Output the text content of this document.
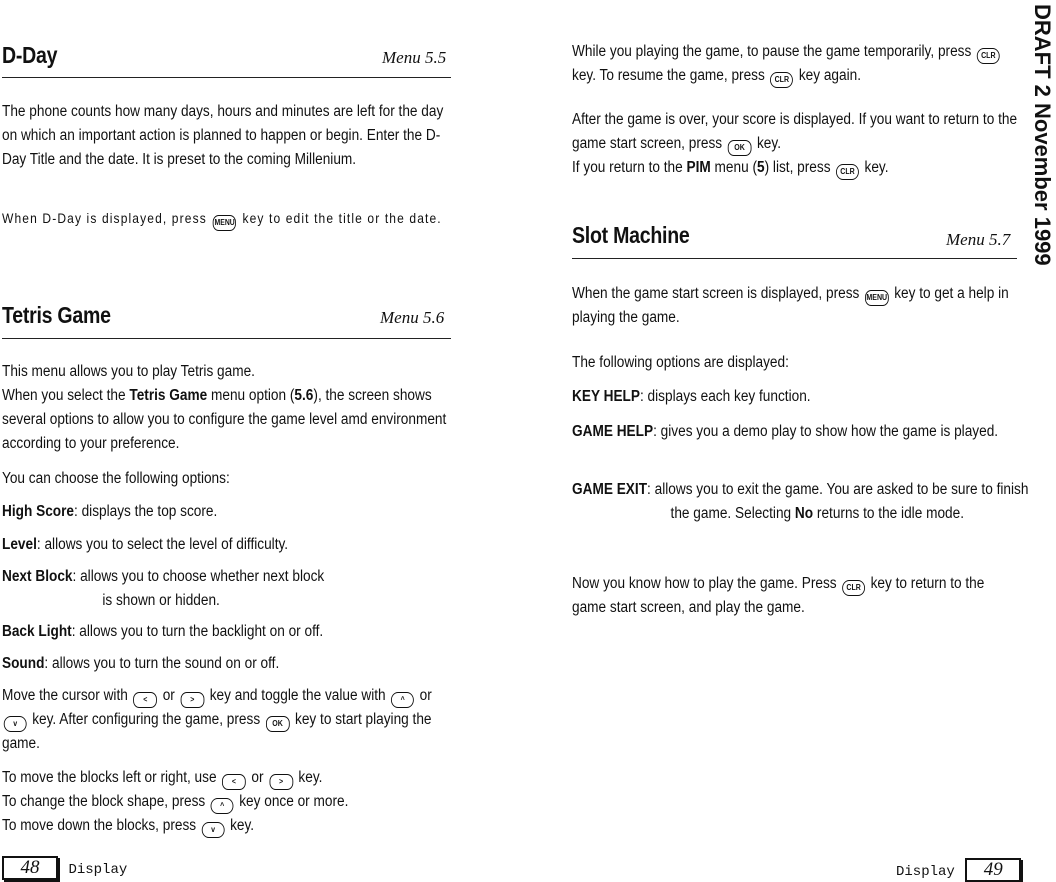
D-Day	Menu 5.5
The phone counts how many days, hours and minutes are left for the day on which an important action is planned to happen or begin. Enter the D-Day Title and the date. It is preset to the coming Millenium.
When D-Day is displayed, press MENU key to edit the title or the date.
Tetris Game	Menu 5.6
This menu allows you to play Tetris game.
When you select the Tetris Game menu option (5.6), the screen shows several options to allow you to configure the game level amd environment according to your preference.
You can choose the following options:
High Score: displays the top score.
Level: allows you to select the level of difficulty.
Next Block: allows you to choose whether next block is shown or hidden.
Back Light: allows you to turn the backlight on or off.
Sound: allows you to turn the sound on or off.
Move the cursor with < or > key and toggle the value with ^ or v key. After configuring the game, press OK key to start playing the game.
To move the blocks left or right, use < or > key.
To change the block shape, press ^ key once or more.
To move down the blocks, press v key.
48 Display
While you playing the game, to pause the game temporarily, press CLR key. To resume the game, press CLR key again.
After the game is over, your score is displayed. If you want to return to the game start screen, press OK key.
If you return to the PIM menu (5) list, press CLR key.
Slot Machine	Menu 5.7
When the game start screen is displayed, press MENU key to get a help in playing the game.
The following options are displayed:
KEY HELP: displays each key function.
GAME HELP: gives you a demo play to show how the game is played.
GAME EXIT: allows you to exit the game. You are asked to be sure to finish the game. Selecting No returns to the idle mode.
Now you know how to play the game. Press CLR key to return to the game start screen, and play the game.
Display 49
DRAFT 2 November 1999
